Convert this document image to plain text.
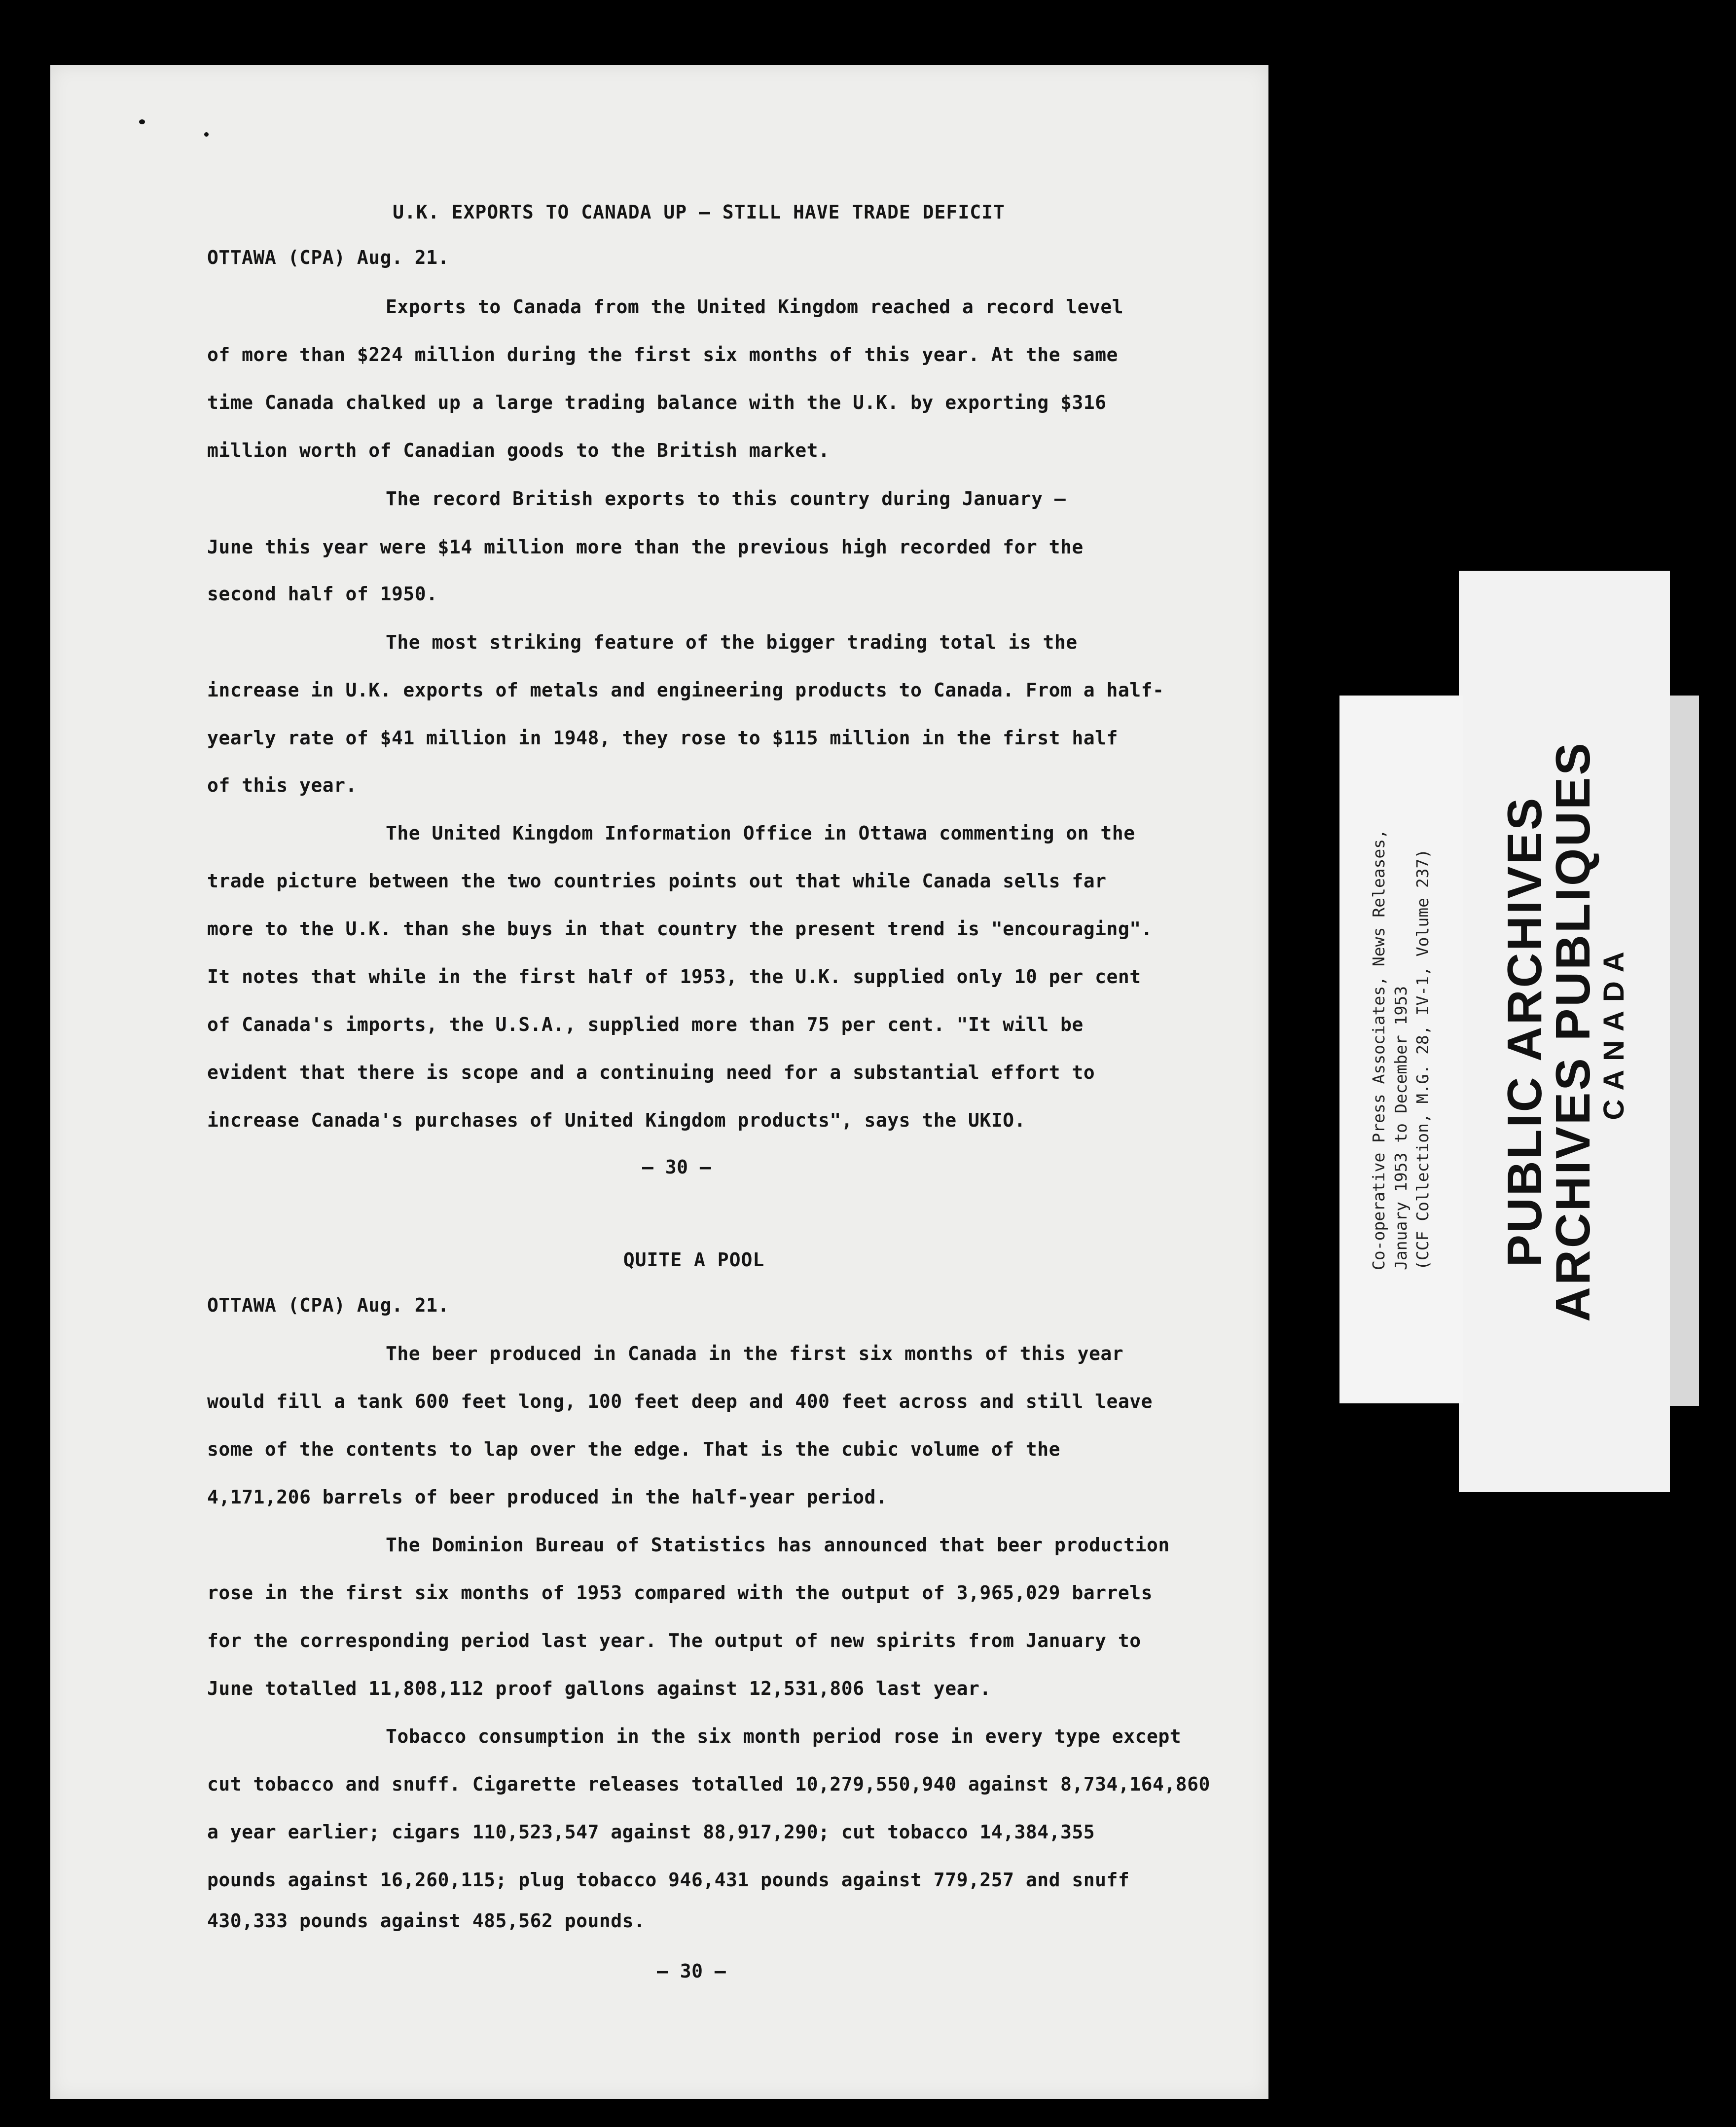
U.K. EXPORTS TO CANADA UP — STILL HAVE TRADE DEFICIT
OTTAWA (CPA) Aug. 21.
Exports to Canada from the United Kingdom reached a record level
of more than $224 million during the first six months of this year. At the same
time Canada chalked up a large trading balance with the U.K. by exporting $316
million worth of Canadian goods to the British market.
The record British exports to this country during January —
June this year were $14 million more than the previous high recorded for the
second half of 1950.
The most striking feature of the bigger trading total is the
increase in U.K. exports of metals and engineering products to Canada. From a half-
yearly rate of $41 million in 1948, they rose to $115 million in the first half
of this year.
The United Kingdom Information Office in Ottawa commenting on the
trade picture between the two countries points out that while Canada sells far
more to the U.K. than she buys in that country the present trend is "encouraging".
It notes that while in the first half of 1953, the U.K. supplied only 10 per cent
of Canada's imports, the U.S.A., supplied more than 75 per cent. "It will be
evident that there is scope and a continuing need for a substantial effort to
increase Canada's purchases of United Kingdom products", says the UKIO.
– 30 –
QUITE A POOL
OTTAWA (CPA) Aug. 21.
The beer produced in Canada in the first six months of this year
would fill a tank 600 feet long, 100 feet deep and 400 feet across and still leave
some of the contents to lap over the edge. That is the cubic volume of the
4,171,206 barrels of beer produced in the half-year period.
The Dominion Bureau of Statistics has announced that beer production
rose in the first six months of 1953 compared with the output of 3,965,029 barrels
for the corresponding period last year. The output of new spirits from January to
June totalled 11,808,112 proof gallons against 12,531,806 last year.
Tobacco consumption in the six month period rose in every type except
cut tobacco and snuff. Cigarette releases totalled 10,279,550,940 against 8,734,164,860
a year earlier; cigars 110,523,547 against 88,917,290; cut tobacco 14,384,355
pounds against 16,260,115; plug tobacco 946,431 pounds against 779,257 and snuff
430,333 pounds against 485,562 pounds.
– 30 –
PUBLIC ARCHIVES
ARCHIVES PUBLIQUES
CANADA
Co-operative Press Associates, News Releases, January 1953 to December 1953 (CCF Collection, M.G. 28, IV-1, Volume 237)
